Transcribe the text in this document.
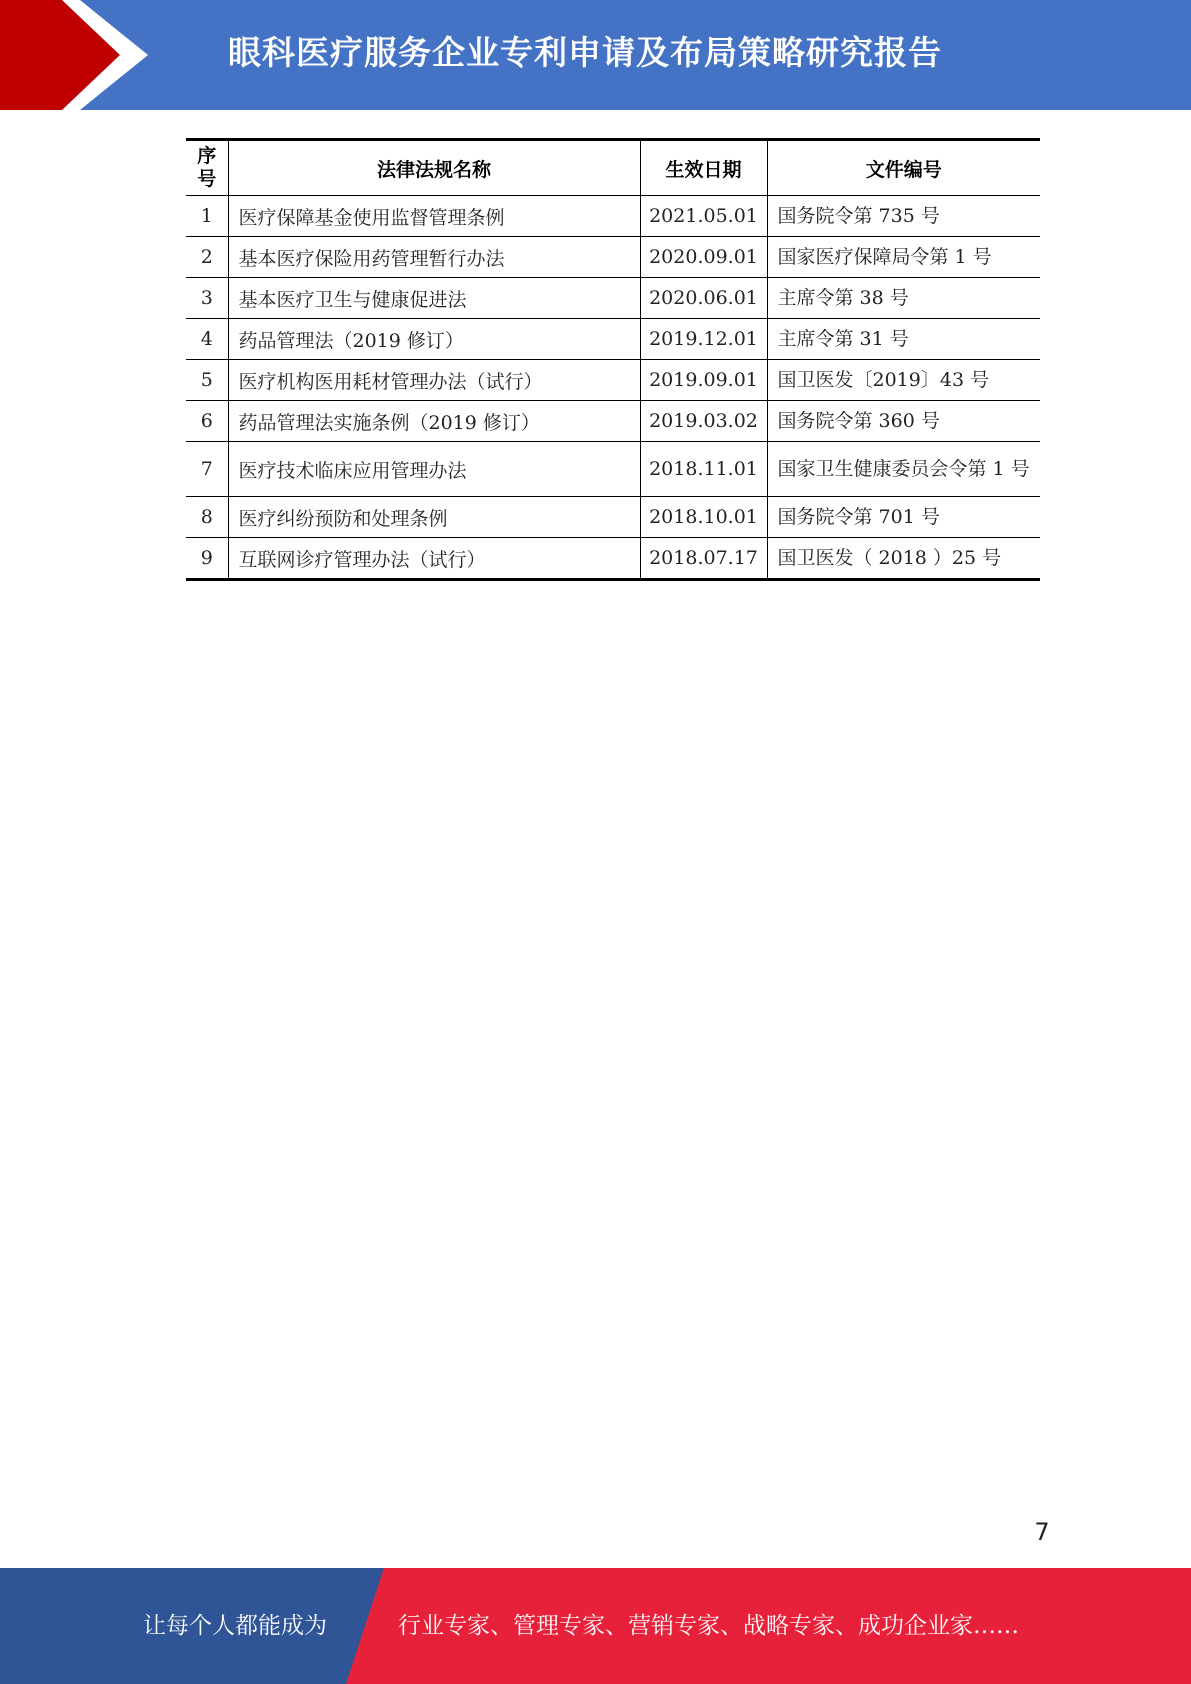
眼科医疗服务企业专利申请及布局策略研究报告
序
号	法律法规名称	生效日期	文件编号
1	医疗保障基金使用监督管理条例	2021.05.01	国务院令第 735 号
2	基本医疗保险用药管理暂行办法	2020.09.01	国家医疗保障局令第 1 号
3	基本医疗卫生与健康促进法	2020.06.01	主席令第 38 号
4	药品管理法（2019 修订）	2019.12.01	主席令第 31 号
5	医疗机构医用耗材管理办法（试行）	2019.09.01	国卫医发〔2019〕43 号
6	药品管理法实施条例（2019 修订）	2019.03.02	国务院令第 360 号
7	医疗技术临床应用管理办法	2018.11.01	国家卫生健康委员会令第 1 号
8	医疗纠纷预防和处理条例	2018.10.01	国务院令第 701 号
9	互联网诊疗管理办法（试行）	2018.07.17	国卫医发（ 2018 ）25 号
7
让每个人都能成为	行业专家、管理专家、营销专家、战略专家、成功企业家……
